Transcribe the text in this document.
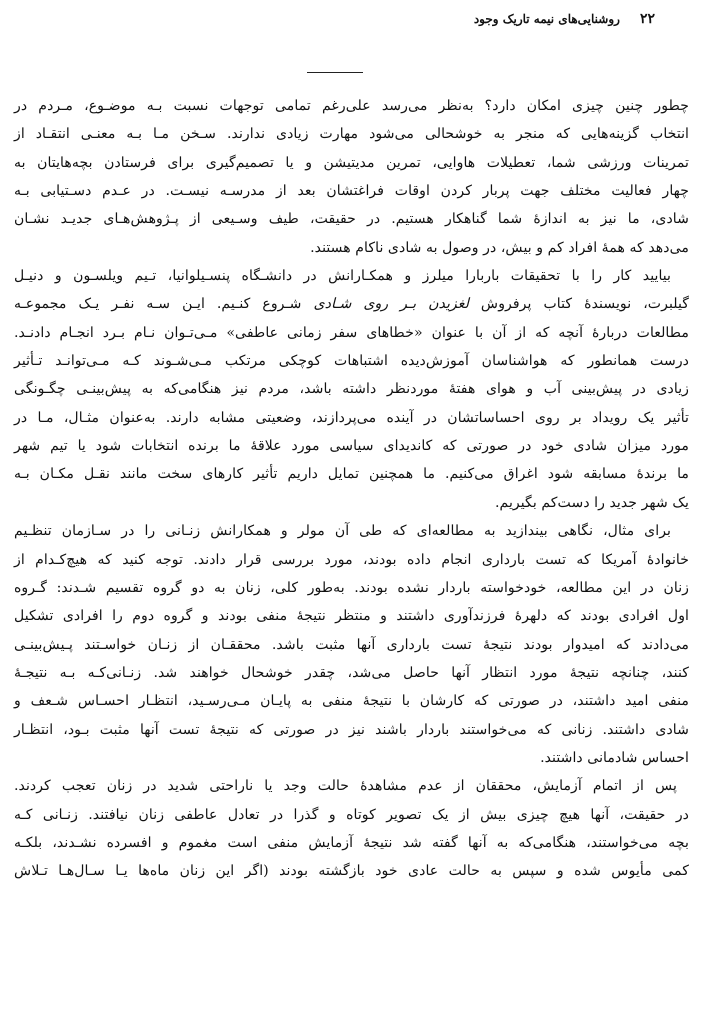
۲۲
روشنایی‌های نیمه تاریک وجود
چطور چنین چیزی امکان دارد؟ به‌نظر می‌رسد علی‌رغم تمامی توجهات نسبت بـه موضـوع، مـردم در
انتخاب گزینه‌هایی که منجر به خوشحالی می‌شود مهارت زیادی ندارند. سـخن مـا بـه معنـی انتقـاد از
تمرینات ورزشی شما، تعطیلات هاوایی، تمرین مدیتیشن و یا تصمیم‌گیری برای فرستادن بچه‌هایتان به
چهار فعالیت مختلف جهت پربار کردن اوقات فراغتشان بعد از مدرسـه نیسـت. در عـدم دسـتیابی بـه
شادی، ما نیز به اندازهٔ شما گناهکار هستیم. در حقیقت، طیف وسـیعی از پـژوهش‌هـای جدیـد نشـان
می‌دهد که همهٔ افراد کم و بیش، در وصول به شادی ناکام هستند.
بیایید کار را با تحقیقات باربارا میلرز و همکـارانش در دانشـگاه پنسـیلوانیا، تـیم ویلسـون و دنیـل
گیلبرت، نویسندهٔ کتاب پرفروش لغزیدن بـر روی شـادی شـروع کنـیم. ایـن سـه نفـر یـک مجموعـه
مطالعات دربارهٔ آنچه که از آن با عنوان «خطاهای سفر زمانی عاطفی» مـی‌تـوان نـام بـرد انجـام دادنـد.
درست همانطور که هواشناسان آموزش‌دیده اشتباهات کوچکی مرتکب مـی‌شـوند کـه مـی‌توانـد تـأثیر
زیادی در پیش‌بینی آب و هوای هفتهٔ موردنظر داشته باشد، مردم نیز هنگامی‌که به پیش‌بینـی چگـونگی
تأثیر یک رویداد بر روی احساساتشان در آینده می‌پردازند، وضعیتی مشابه دارند. به‌عنوان مثـال، مـا در
مورد میزان شادی خود در صورتی که کاندیدای سیاسی مورد علاقهٔ ما برنده انتخابات شود یا تیم شهر
ما برندهٔ مسابقه شود اغراق می‌کنیم. ما همچنین تمایل داریم تأثیر کارهای سخت مانند نقـل مکـان بـه
یک شهر جدید را دست‌کم بگیریم.
برای مثال، نگاهی بیندازید به مطالعه‌ای که طی آن مولر و همکارانش زنـانی را در سـازمان تنظـیم
خانوادهٔ آمریکا که تست بارداری انجام داده بودند، مورد بررسی قرار دادند. توجه کنید که هیچ‌کـدام از
زنان در این مطالعه، خودخواسته باردار نشده بودند. به‌طور کلی، زنان به دو گروه تقسیم شـدند: گـروه
اول افرادی بودند که دلهرهٔ فرزندآوری داشتند و منتظر نتیجهٔ منفی بودند و گروه دوم را افرادی تشکیل
می‌دادند که امیدوار بودند نتیجهٔ تست بارداری آنها مثبت باشد. محققـان از زنـان خواسـتند پـیش‌بینـی
کنند، چنانچه نتیجهٔ مورد انتظار آنها حاصل می‌شد، چقدر خوشحال خواهند شد. زنـانی‌کـه بـه نتیجـهٔ
منفی امید داشتند، در صورتی که کارشان با نتیجهٔ منفی به پایـان مـی‌رسـید، انتظـار احسـاس شـعف و
شادی داشتند. زنانی که می‌خواستند باردار باشند نیز در صورتی که نتیجهٔ تست آنها مثبت بـود، انتظـار
احساس شادمانی داشتند.
پس از اتمام آزمایش، محققان از عدم مشاهدهٔ حالت وجد یا ناراحتی شدید در زنان تعجب کردند.
در حقیقت، آنها هیچ چیزی بیش از یک تصویر کوتاه و گذرا در تعادل عاطفی زنان نیافتند. زنـانی کـه
بچه می‌خواستند، هنگامی‌که به آنها گفته شد نتیجهٔ آزمایش منفی است مغموم و افسرده نشـدند، بلکـه
کمی مأیوس شده و سپس به حالت عادی خود بازگشته بودند (اگر این زنان ماه‌ها یـا سـال‌هـا تـلاش
